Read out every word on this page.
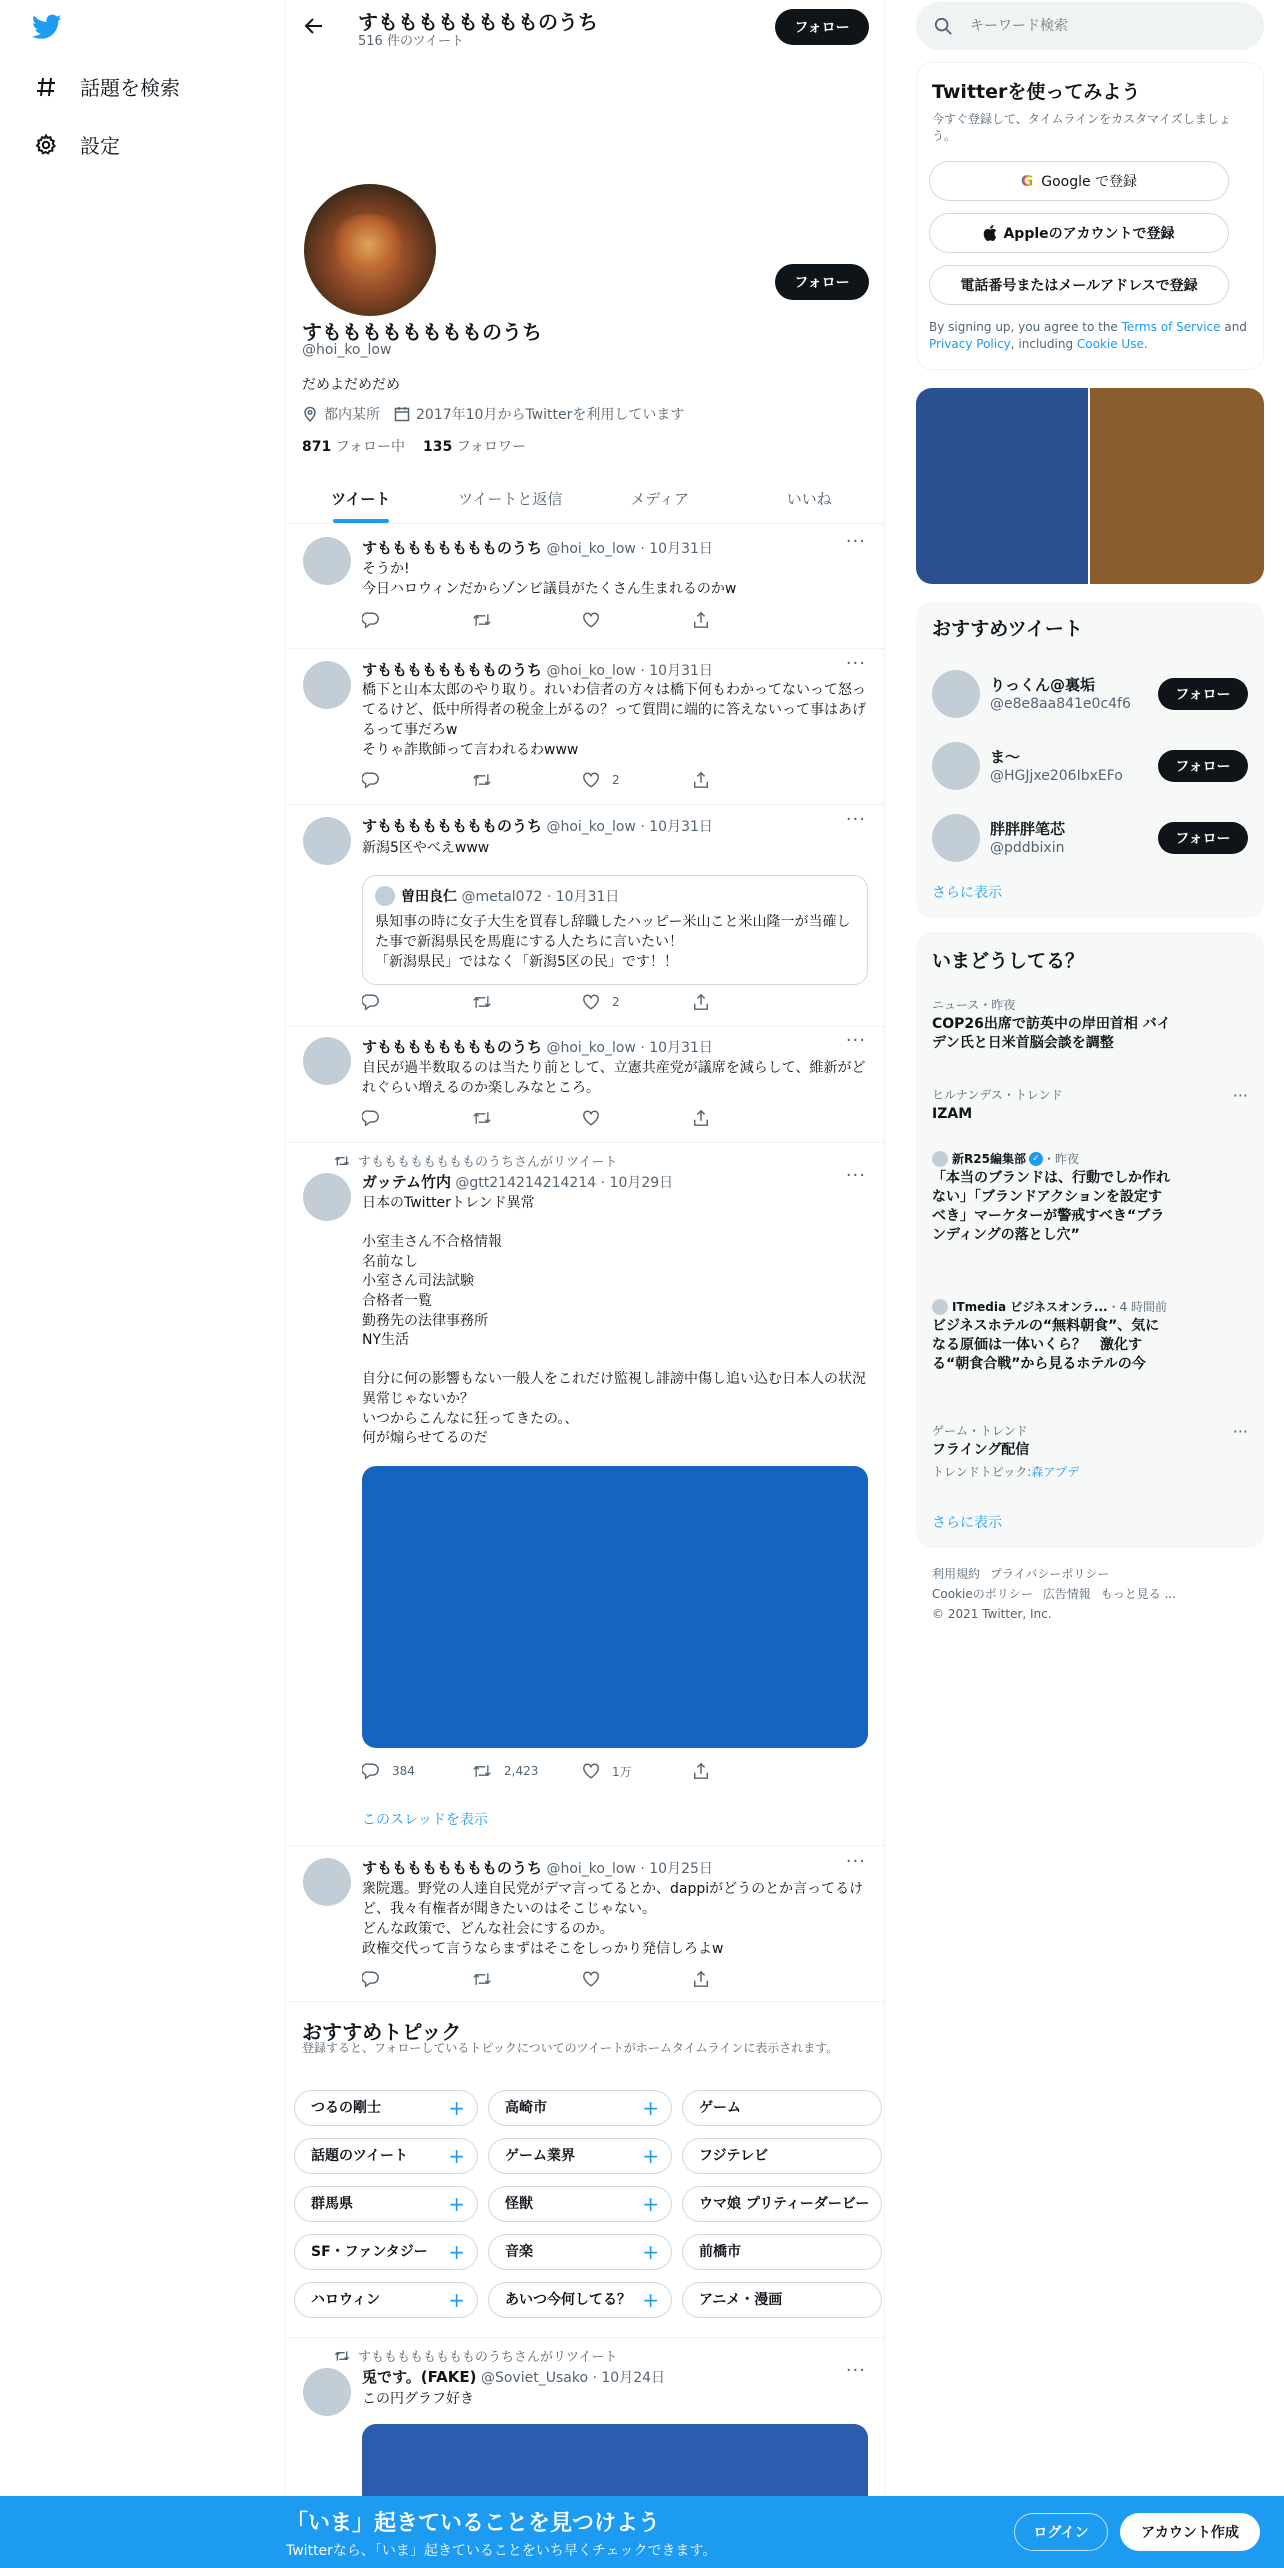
話題を検索
設定
すもももももももものうち
516 件のツイート
フォロー
フォロー
すもももももももものうち
@hoi_ko_low
だめよだめだめ
都内某所	2017年10月からTwitterを利用しています
871 フォロー中 135 フォロワー
ツイート	ツイートと返信	メディア	いいね
すもももももももものうち @hoi_ko_low · 10月31日	···
そうか!
今日ハロウィンだからゾンビ議員がたくさん生まれるのかw
すもももももももものうち @hoi_ko_low · 10月31日	···
橋下と山本太郎のやり取り。れいわ信者の方々は橋下何もわかってないって怒ってるけど、低中所得者の税金上がるの？って質問に端的に答えないって事はあげるって事だろw
そりゃ詐欺師って言われるわwww
2
すもももももももものうち @hoi_ko_low · 10月31日	···
新潟5区やべえwww
曽田良仁 @metal072 · 10月31日
県知事の時に女子大生を買春し辞職したハッピー米山こと米山隆一が当確した事で新潟県民を馬鹿にする人たちに言いたい！
「新潟県民」ではなく「新潟5区の民」です！！
2
すもももももももものうち @hoi_ko_low · 10月31日	···
自民が過半数取るのは当たり前として、立憲共産党が議席を減らして、維新がどれぐらい増えるのか楽しみなところ。
すもももももももものうちさんがリツイート
ガッテム竹内 @gtt214214214214 · 10月29日	···
日本のTwitterトレンド異常

小室圭さん不合格情報
名前なし
小室さん司法試験
合格者一覧
勤務先の法律事務所
NY生活

自分に何の影響もない一般人をこれだけ監視し誹謗中傷し追い込む日本人の状況異常じゃないか？
いつからこんなに狂ってきたの。、
何が煽らせてるのだ
384	2,423	1万
このスレッドを表示
すもももももももものうち @hoi_ko_low · 10月25日	···
衆院選。野党の人達自民党がデマ言ってるとか、dappiがどうのとか言ってるけど、我々有権者が聞きたいのはそこじゃない。
どんな政策で、どんな社会にするのか。
政権交代って言うならまずはそこをしっかり発信しろよw
おすすめトピック
登録すると、フォローしているトピックについてのツイートがホームタイムラインに表示されます。
つるの剛士	+	高崎市	+	ゲーム
話題のツイート +	ゲーム業界	+	フジテレビ
群馬県	+	怪獣	+	ウマ娘 プリティーダービー
SF・ファンタジー +	音楽	+	前橋市
ハロウィン	+	あいつ今何してる？ +	アニメ・漫画
すもももももももものうちさんがリツイート
兎です。(FAKE) @Soviet_Usako · 10月24日	···
この円グラフ好き
キーワード検索
Twitterを使ってみよう
今すぐ登録して、タイムラインをカスタマイズしましょう。
G Google で登録
Appleのアカウントで登録
電話番号またはメールアドレスで登録
By signing up, you agree to the Terms of Service and Privacy Policy, including Cookie Use.
おすすめツイート
りっくん@裏垢
@e8e8aa841e0c4f6
フォロー
ま～
@HGJjxe206IbxEFo
フォロー
胖胖胖笔芯
@pddbixin
フォロー
さらに表示
いまどうしてる？
ニュース・昨夜
COP26出席で訪英中の岸田首相 バイデン氏と日米首脳会談を調整
ヒルナンデス・トレンド
IZAM
···
新R25編集部 ✓ ・昨夜
「本当のブランドは、行動でしか作れない」「ブランドアクションを設定すべき」マーケターが警戒すべき“ブランディングの落とし穴”
ITmedia ビジネスオンラ... ・4 時間前
ビジネスホテルの“無料朝食”、気になる原価は一体いくら？　激化する“朝食合戦”から見るホテルの今
ゲーム・トレンド
フライング配信
トレンドトピック: 森アプデ
···
さらに表示
利用規約 プライバシーポリシー
Cookieのポリシー 広告情報 もっと見る ...
© 2021 Twitter, Inc.
「いま」起きていることを見つけよう
Twitterなら、「いま」起きていることをいち早くチェックできます。
ログイン	アカウント作成
